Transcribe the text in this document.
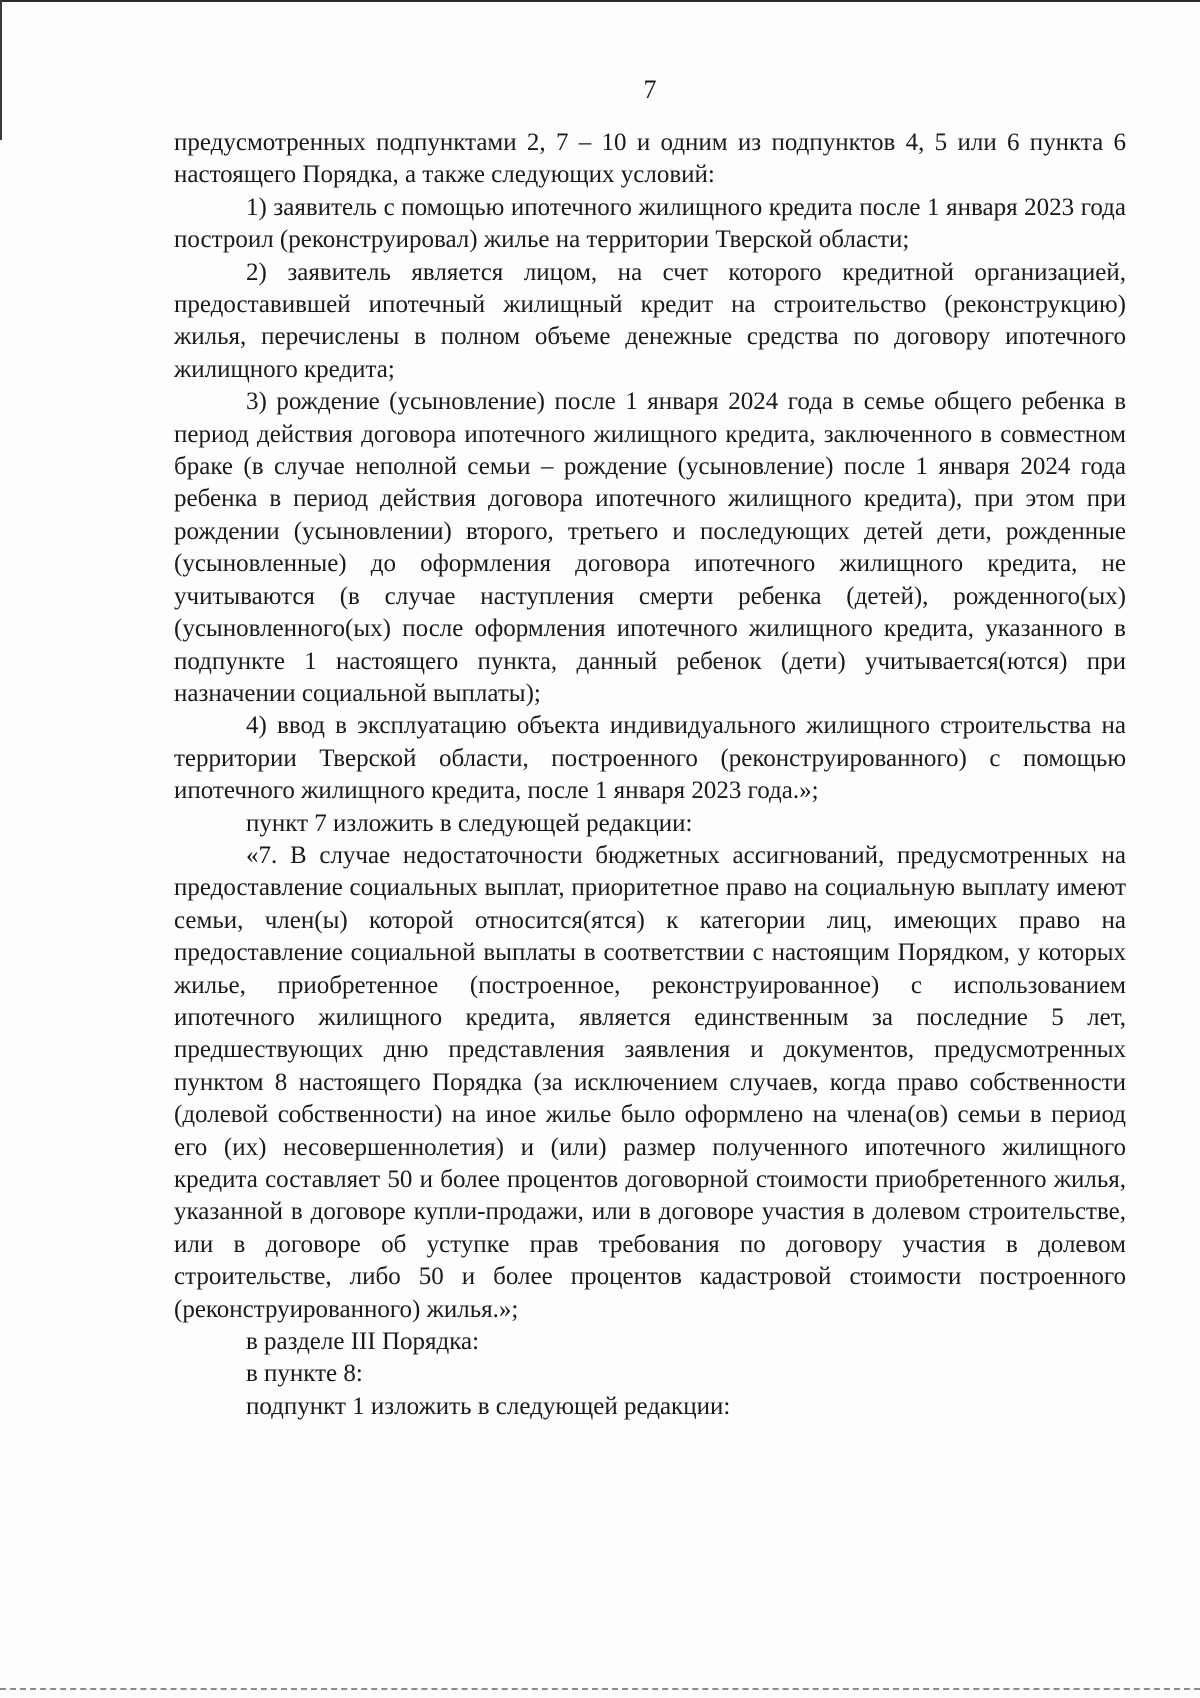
7

предусмотренных подпунктами 2, 7 – 10 и одним из подпунктов 4, 5 или 6 пункта 6 настоящего Порядка, а также следующих условий:

1) заявитель с помощью ипотечного жилищного кредита после 1 января 2023 года построил (реконструировал) жилье на территории Тверской области;

2) заявитель является лицом, на счет которого кредитной организацией, предоставившей ипотечный жилищный кредит на строительство (реконструкцию) жилья, перечислены в полном объеме денежные средства по договору ипотечного жилищного кредита;

3) рождение (усыновление) после 1 января 2024 года в семье общего ребенка в период действия договора ипотечного жилищного кредита, заключенного в совместном браке (в случае неполной семьи – рождение (усыновление) после 1 января 2024 года ребенка в период действия договора ипотечного жилищного кредита), при этом при рождении (усыновлении) второго, третьего и последующих детей дети, рожденные (усыновленные) до оформления договора ипотечного жилищного кредита, не учитываются (в случае наступления смерти ребенка (детей), рожденного(ых) (усыновленного(ых) после оформления ипотечного жилищного кредита, указанного в подпункте 1 настоящего пункта, данный ребенок (дети) учитывается(ются) при назначении социальной выплаты);

4) ввод в эксплуатацию объекта индивидуального жилищного строительства на территории Тверской области, построенного (реконструированного) с помощью ипотечного жилищного кредита, после 1 января 2023 года.»;

пункт 7 изложить в следующей редакции:

«7. В случае недостаточности бюджетных ассигнований, предусмотренных на предоставление социальных выплат, приоритетное право на социальную выплату имеют семьи, член(ы) которой относится(ятся) к категории лиц, имеющих право на предоставление социальной выплаты в соответствии с настоящим Порядком, у которых жилье, приобретенное (построенное, реконструированное) с использованием ипотечного жилищного кредита, является единственным за последние 5 лет, предшествующих дню представления заявления и документов, предусмотренных пунктом 8 настоящего Порядка (за исключением случаев, когда право собственности (долевой собственности) на иное жилье было оформлено на члена(ов) семьи в период его (их) несовершеннолетия) и (или) размер полученного ипотечного жилищного кредита составляет 50 и более процентов договорной стоимости приобретенного жилья, указанной в договоре купли-продажи, или в договоре участия в долевом строительстве, или в договоре об уступке прав требования по договору участия в долевом строительстве, либо 50 и более процентов кадастровой стоимости построенного (реконструированного) жилья.»;

в разделе III Порядка:

в пункте 8:

подпункт 1 изложить в следующей редакции:
